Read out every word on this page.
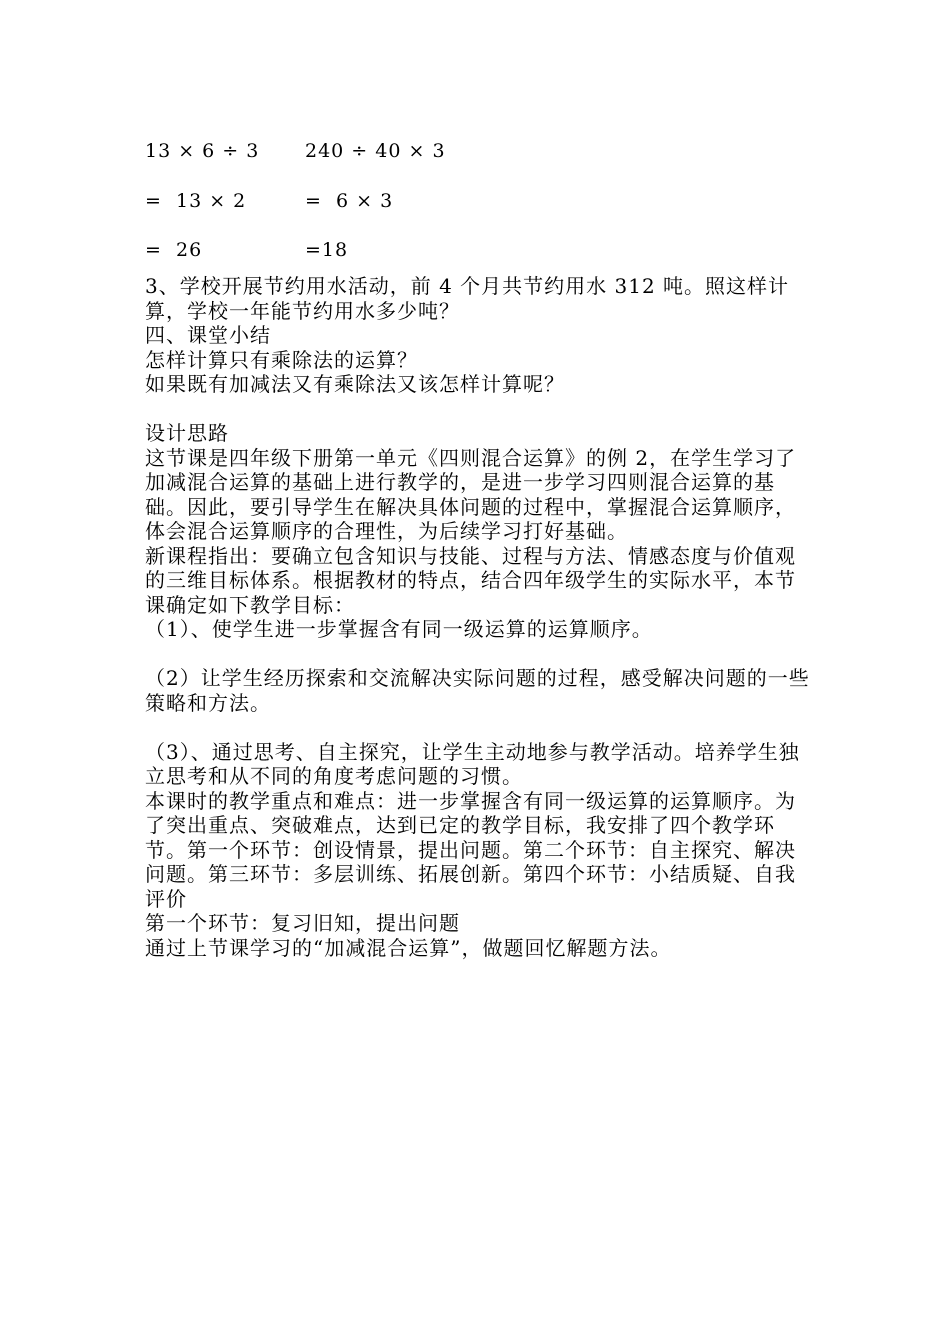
13 × 6 ÷ 3 240 ÷ 40 × 3
=  13 × 2	=  6 × 3
=  26	=18

3、学校开展节约用水活动，前 4 个月共节约用水 312 吨。照这样计算，学校一年能节约用水多少吨？

四、课堂小结

怎样计算只有乘除法的运算？

如果既有加减法又有乘除法又该怎样计算呢？

设计思路

这节课是四年级下册第一单元《四则混合运算》的例 2，在学生学习了加减混合运算的基础上进行教学的，是进一步学习四则混合运算的基础。因此，要引导学生在解决具体问题的过程中，掌握混合运算顺序，体会混合运算顺序的合理性，为后续学习打好基础。

新课程指出：要确立包含知识与技能、过程与方法、情感态度与价值观的三维目标体系。根据教材的特点，结合四年级学生的实际水平，本节课确定如下教学目标：

（1）、使学生进一步掌握含有同一级运算的运算顺序。

（2）让学生经历探索和交流解决实际问题的过程，感受解决问题的一些策略和方法。

（3）、通过思考、自主探究，让学生主动地参与教学活动。培养学生独立思考和从不同的角度考虑问题的习惯。

本课时的教学重点和难点：进一步掌握含有同一级运算的运算顺序。为了突出重点、突破难点，达到已定的教学目标，我安排了四个教学环节。第一个环节：创设情景，提出问题。第二个环节：自主探究、解决问题。第三环节：多层训练、拓展创新。第四个环节：小结质疑、自我评价

第一个环节：复习旧知，提出问题

通过上节课学习的“加减混合运算”，做题回忆解题方法。
